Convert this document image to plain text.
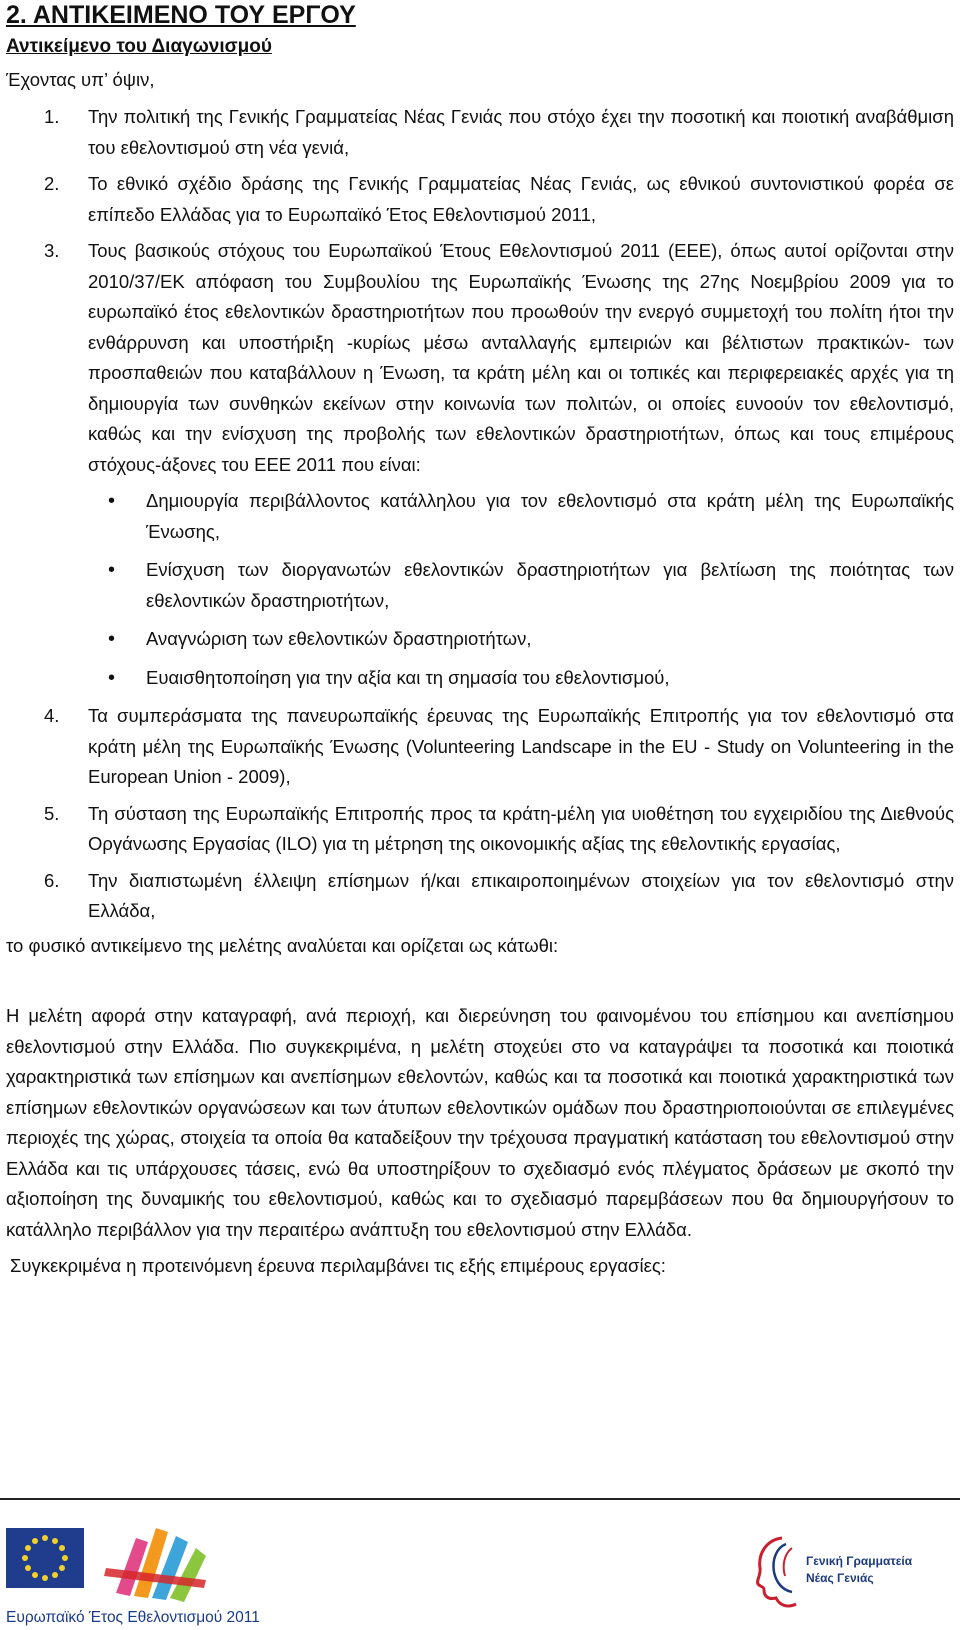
2. ΑΝΤΙΚΕΙΜΕΝΟ ΤΟΥ ΕΡΓΟΥ
Αντικείμενο του Διαγωνισμού
Έχοντας υπ’ όψιν,
1. Την πολιτική της Γενικής Γραμματείας Νέας Γενιάς που στόχο έχει την ποσοτική και ποιοτική αναβάθμιση του εθελοντισμού στη νέα γενιά,
2. Το εθνικό σχέδιο δράσης της Γενικής Γραμματείας Νέας Γενιάς, ως εθνικού συντονιστικού φορέα σε επίπεδο Ελλάδας για το Ευρωπαϊκό Έτος Εθελοντισμού 2011,
3. Τους βασικούς στόχους του Ευρωπαϊκού Έτους Εθελοντισμού 2011 (ΕΕΕ), όπως αυτοί ορίζονται στην 2010/37/ΕΚ απόφαση του Συμβουλίου της Ευρωπαϊκής Ένωσης της 27ης Νοεμβρίου 2009 για το ευρωπαϊκό έτος εθελοντικών δραστηριοτήτων που προωθούν την ενεργό συμμετοχή του πολίτη ήτοι την ενθάρρυνση και υποστήριξη -κυρίως μέσω ανταλλαγής εμπειριών και βέλτιστων πρακτικών- των προσπαθειών που καταβάλλουν η Ένωση, τα κράτη μέλη και οι τοπικές και περιφερειακές αρχές για τη δημιουργία των συνθηκών εκείνων στην κοινωνία των πολιτών, οι οποίες ευνοούν τον εθελοντισμό, καθώς και την ενίσχυση της προβολής των εθελοντικών δραστηριοτήτων, όπως και τους επιμέρους στόχους-άξονες του ΕΕΕ 2011 που είναι:
• Δημιουργία περιβάλλοντος κατάλληλου για τον εθελοντισμό στα κράτη μέλη της Ευρωπαϊκής Ένωσης,
• Ενίσχυση των διοργανωτών εθελοντικών δραστηριοτήτων για βελτίωση της ποιότητας των εθελοντικών δραστηριοτήτων,
• Αναγνώριση των εθελοντικών δραστηριοτήτων,
• Ευαισθητοποίηση για την αξία και τη σημασία του εθελοντισμού,
4. Τα συμπεράσματα της πανευρωπαϊκής έρευνας της Ευρωπαϊκής Επιτροπής για τον εθελοντισμό στα κράτη μέλη της Ευρωπαϊκής Ένωσης (Volunteering Landscape in the EU - Study on Volunteering in the European Union - 2009),
5. Τη σύσταση της Ευρωπαϊκής Επιτροπής προς τα κράτη-μέλη για υιοθέτηση του εγχειριδίου της Διεθνούς Οργάνωσης Εργασίας (ILO) για τη μέτρηση της οικονομικής αξίας της εθελοντικής εργασίας,
6. Την διαπιστωμένη έλλειψη επίσημων ή/και επικαιροποιημένων στοιχείων για τον εθελοντισμό στην Ελλάδα,
το φυσικό αντικείμενο της μελέτης αναλύεται και ορίζεται ως κάτωθι:
Η μελέτη αφορά στην καταγραφή, ανά περιοχή, και διερεύνηση του φαινομένου του επίσημου και ανεπίσημου εθελοντισμού στην Ελλάδα. Πιο συγκεκριμένα, η μελέτη στοχεύει στο να καταγράψει τα ποσοτικά και ποιοτικά χαρακτηριστικά των επίσημων και ανεπίσημων εθελοντών, καθώς και τα ποσοτικά και ποιοτικά χαρακτηριστικά των επίσημων εθελοντικών οργανώσεων και των άτυπων εθελοντικών ομάδων που δραστηριοποιούνται σε επιλεγμένες περιοχές της χώρας, στοιχεία τα οποία θα καταδείξουν την τρέχουσα πραγματική κατάσταση του εθελοντισμού στην Ελλάδα και τις υπάρχουσες τάσεις, ενώ θα υποστηρίξουν το σχεδιασμό ενός πλέγματος δράσεων με σκοπό την αξιοποίηση της δυναμικής του εθελοντισμού, καθώς και το σχεδιασμό παρεμβάσεων που θα δημιουργήσουν το κατάλληλο περιβάλλον για την περαιτέρω ανάπτυξη του εθελοντισμού στην Ελλάδα.
Συγκεκριμένα η προτεινόμενη έρευνα περιλαμβάνει τις εξής επιμέρους εργασίες:
Ευρωπαϊκό Έτος Εθελοντισμού 2011
Γενική Γραμματεία
Νέας Γενιάς
